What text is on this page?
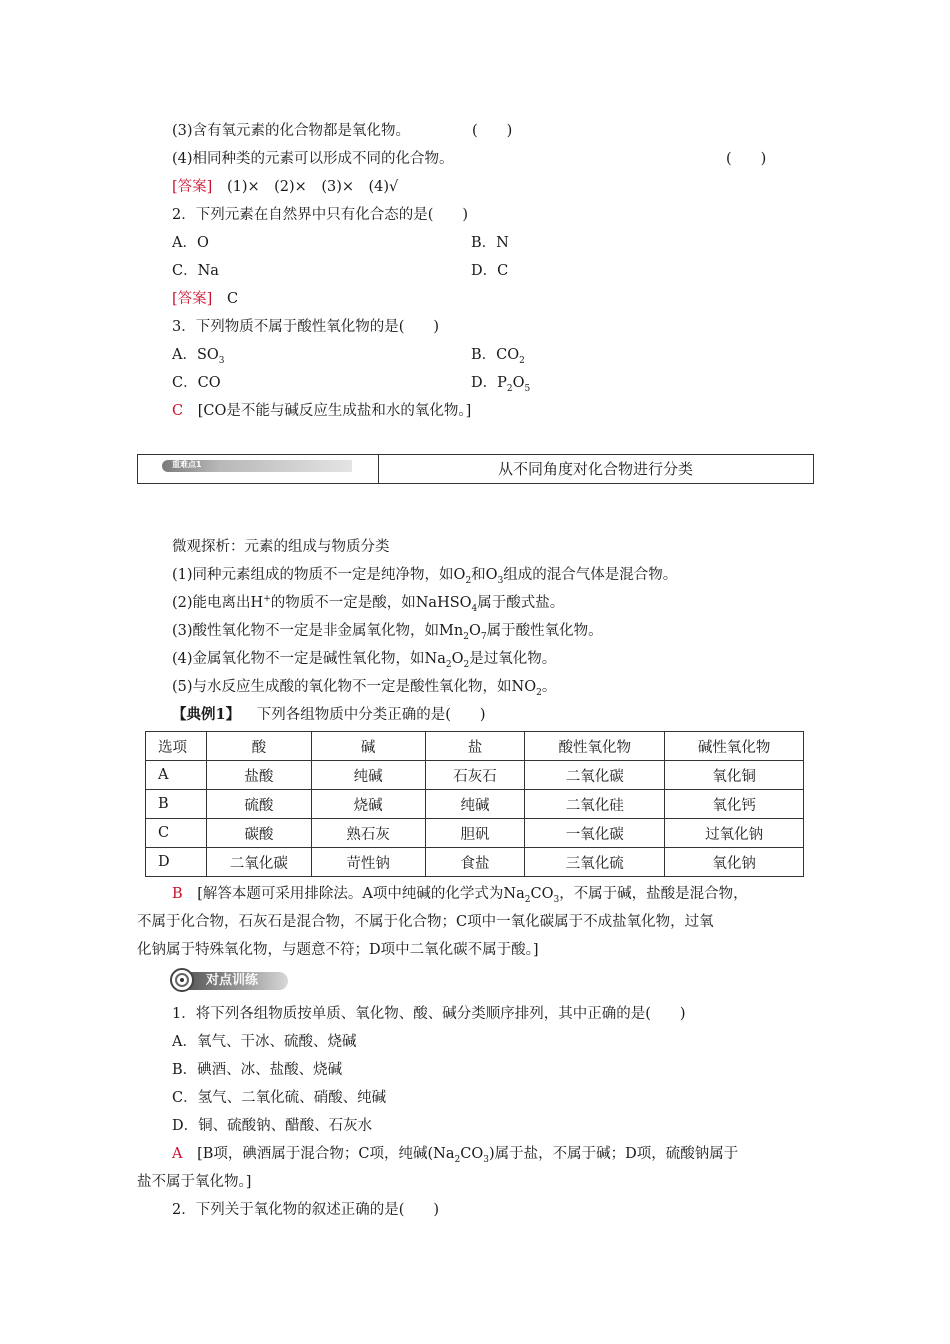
(3)含有氧元素的化合物都是氧化物。	(　　)
(4)相同种类的元素可以形成不同的化合物。	(　　)
[答案] (1)×　(2)×　(3)×　(4)√
2．下列元素在自然界中只有化合态的是(　　)
A．O	B．N
C．Na	D．C
[答案] C
3．下列物质不属于酸性氧化物的是(　　)
A．$SO_3$	B．$CO_2$
C．CO	D．$P_2O_5$
C [CO是不能与碱反应生成盐和水的氧化物。]
重难点1	从不同角度对化合物进行分类
微观探析：元素的组成与物质分类
(1)同种元素组成的物质不一定是纯净物，如$O_2$和$O_3$组成的混合气体是混合物。
(2)能电离出H+的物质不一定是酸，如NaHSO$_4$属于酸式盐。
(3)酸性氧化物不一定是非金属氧化物，如$Mn_2O_7$属于酸性氧化物。
(4)金属氧化物不一定是碱性氧化物，如$Na_2O_2$是过氧化物。
(5)与水反应生成酸的氧化物不一定是酸性氧化物，如$NO_2$。
【典例1】 下列各组物质中分类正确的是(　　)
选项	酸	碱	盐	酸性氧化物	碱性氧化物
A	盐酸	纯碱	石灰石	二氧化碳	氧化铜
B	硫酸	烧碱	纯碱	二氧化硅	氧化钙
C	碳酸	熟石灰	胆矾	一氧化碳	过氧化钠
D	二氧化碳	苛性钠	食盐	三氧化硫	氧化钠
B [解答本题可采用排除法。A项中纯碱的化学式为$Na_2CO_3$，不属于碱，盐酸是混合物，
不属于化合物，石灰石是混合物，不属于化合物；C项中一氧化碳属于不成盐氧化物，过氧
化钠属于特殊氧化物，与题意不符；D项中二氧化碳不属于酸。]
对点训练
1．将下列各组物质按单质、氧化物、酸、碱分类顺序排列，其中正确的是(　　)
A．氧气、干冰、硫酸、烧碱
B．碘酒、冰、盐酸、烧碱
C．氢气、二氧化硫、硝酸、纯碱
D．铜、硫酸钠、醋酸、石灰水
A [B项，碘酒属于混合物；C项，纯碱$(Na_2CO_3)$属于盐，不属于碱；D项，硫酸钠属于
盐不属于氧化物。]
2．下列关于氧化物的叙述正确的是(　　)
